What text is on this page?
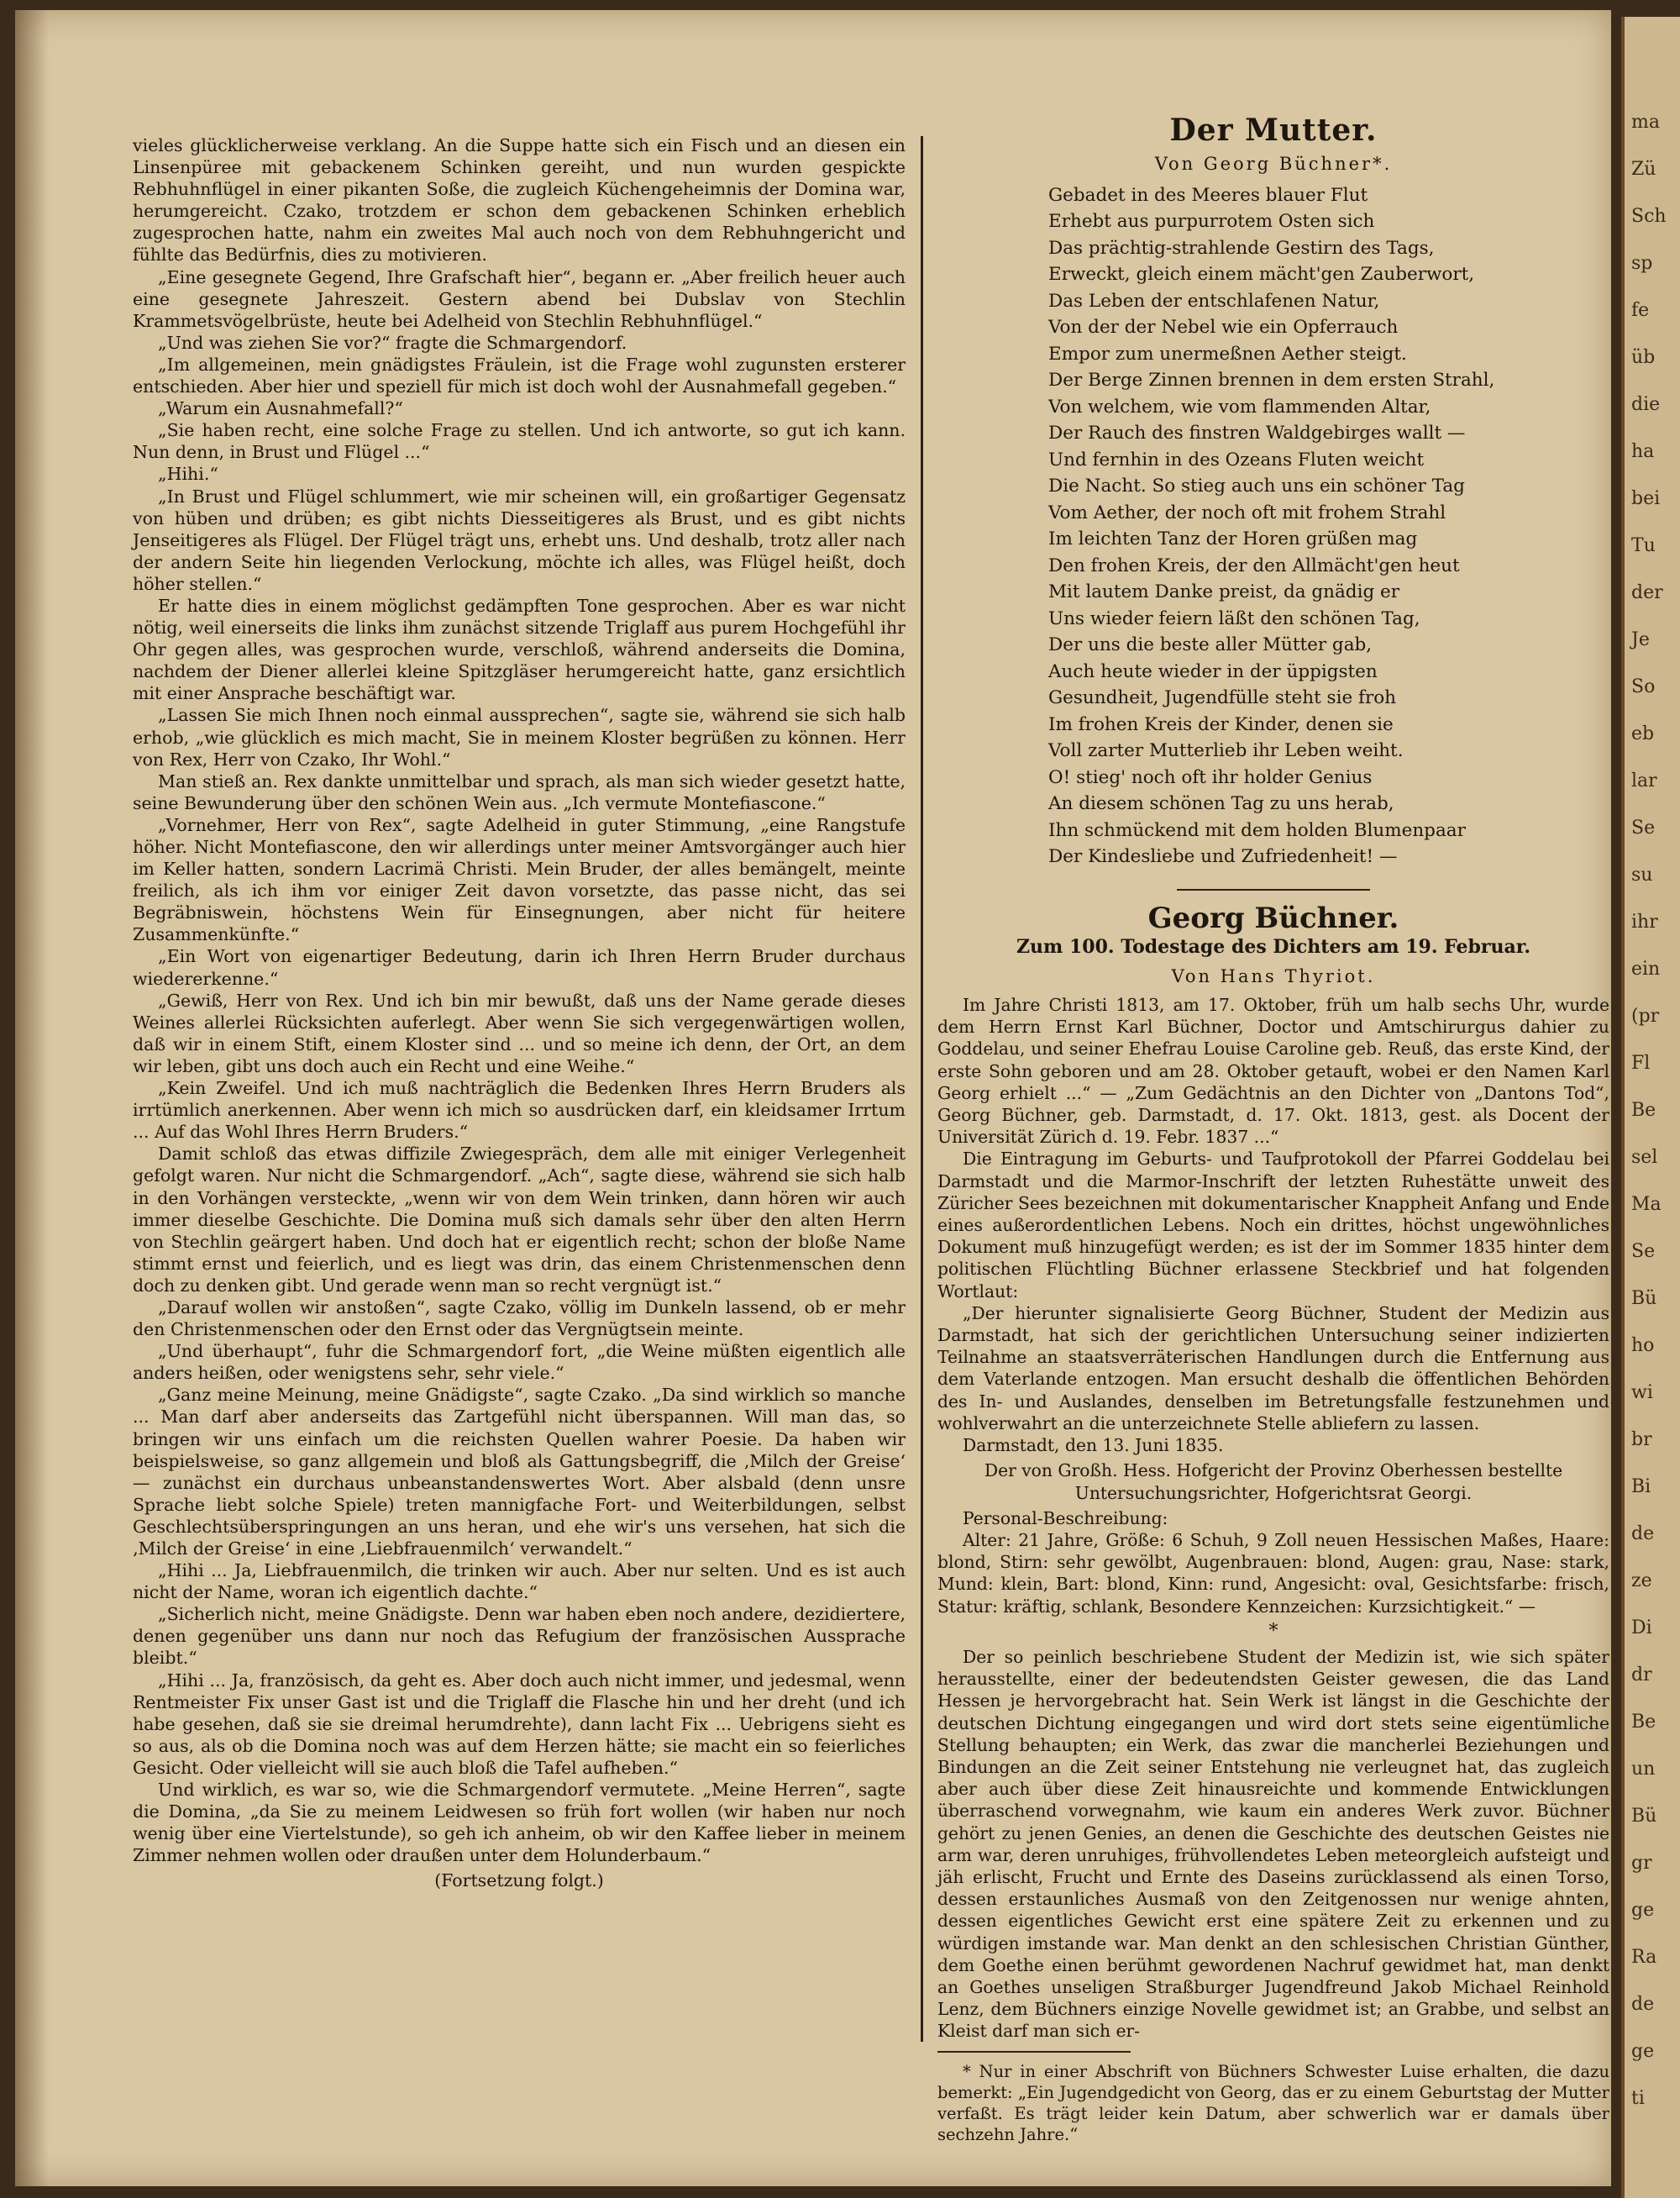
vieles glücklicherweise verklang. An die Suppe hatte sich ein Fisch und an diesen ein Linsenpüree mit gebackenem Schinken gereiht, und nun wurden gespickte Rebhuhnflügel in einer pikanten Soße, die zugleich Küchengeheimnis der Domina war, herumgereicht. Czako, trotzdem er schon dem gebackenen Schinken erheblich zugesprochen hatte, nahm ein zweites Mal auch noch von dem Rebhuhngericht und fühlte das Bedürfnis, dies zu motivieren.

„Eine gesegnete Gegend, Ihre Grafschaft hier“, begann er. „Aber freilich heuer auch eine gesegnete Jahreszeit. Gestern abend bei Dubslav von Stechlin Krammetsvögelbrüste, heute bei Adelheid von Stechlin Rebhuhnflügel.“

„Und was ziehen Sie vor?“ fragte die Schmargendorf.

„Im allgemeinen, mein gnädigstes Fräulein, ist die Frage wohl zugunsten ersterer entschieden. Aber hier und speziell für mich ist doch wohl der Ausnahmefall gegeben.“

„Warum ein Ausnahmefall?“

„Sie haben recht, eine solche Frage zu stellen. Und ich antworte, so gut ich kann. Nun denn, in Brust und Flügel ...“

„Hihi.“

„In Brust und Flügel schlummert, wie mir scheinen will, ein großartiger Gegensatz von hüben und drüben; es gibt nichts Diesseitigeres als Brust, und es gibt nichts Jenseitigeres als Flügel. Der Flügel trägt uns, erhebt uns. Und deshalb, trotz aller nach der andern Seite hin liegenden Verlockung, möchte ich alles, was Flügel heißt, doch höher stellen.“

Er hatte dies in einem möglichst gedämpften Tone gesprochen. Aber es war nicht nötig, weil einerseits die links ihm zunächst sitzende Triglaff aus purem Hochgefühl ihr Ohr gegen alles, was gesprochen wurde, verschloß, während anderseits die Domina, nachdem der Diener allerlei kleine Spitzgläser herumgereicht hatte, ganz ersichtlich mit einer Ansprache beschäftigt war.

„Lassen Sie mich Ihnen noch einmal aussprechen“, sagte sie, während sie sich halb erhob, „wie glücklich es mich macht, Sie in meinem Kloster begrüßen zu können. Herr von Rex, Herr von Czako, Ihr Wohl.“

Man stieß an. Rex dankte unmittelbar und sprach, als man sich wieder gesetzt hatte, seine Bewunderung über den schönen Wein aus. „Ich vermute Montefiascone.“

„Vornehmer, Herr von Rex“, sagte Adelheid in guter Stimmung, „eine Rangstufe höher. Nicht Montefiascone, den wir allerdings unter meiner Amtsvorgänger auch hier im Keller hatten, sondern Lacrimä Christi. Mein Bruder, der alles bemängelt, meinte freilich, als ich ihm vor einiger Zeit davon vorsetzte, das passe nicht, das sei Begräbniswein, höchstens Wein für Einsegnungen, aber nicht für heitere Zusammenkünfte.“

„Ein Wort von eigenartiger Bedeutung, darin ich Ihren Herrn Bruder durchaus wiedererkenne.“

„Gewiß, Herr von Rex. Und ich bin mir bewußt, daß uns der Name gerade dieses Weines allerlei Rücksichten auferlegt. Aber wenn Sie sich vergegenwärtigen wollen, daß wir in einem Stift, einem Kloster sind ... und so meine ich denn, der Ort, an dem wir leben, gibt uns doch auch ein Recht und eine Weihe.“

„Kein Zweifel. Und ich muß nachträglich die Bedenken Ihres Herrn Bruders als irrtümlich anerkennen. Aber wenn ich mich so ausdrücken darf, ein kleidsamer Irrtum ... Auf das Wohl Ihres Herrn Bruders.“

Damit schloß das etwas diffizile Zwiegespräch, dem alle mit einiger Verlegenheit gefolgt waren. Nur nicht die Schmargendorf. „Ach“, sagte diese, während sie sich halb in den Vorhängen versteckte, „wenn wir von dem Wein trinken, dann hören wir auch immer dieselbe Geschichte. Die Domina muß sich damals sehr über den alten Herrn von Stechlin geärgert haben. Und doch hat er eigentlich recht; schon der bloße Name stimmt ernst und feierlich, und es liegt was drin, das einem Christenmenschen denn doch zu denken gibt. Und gerade wenn man so recht vergnügt ist.“

„Darauf wollen wir anstoßen“, sagte Czako, völlig im Dunkeln lassend, ob er mehr den Christenmenschen oder den Ernst oder das Vergnügtsein meinte.

„Und überhaupt“, fuhr die Schmargendorf fort, „die Weine müßten eigentlich alle anders heißen, oder wenigstens sehr, sehr viele.“

„Ganz meine Meinung, meine Gnädigste“, sagte Czako. „Da sind wirklich so manche ... Man darf aber anderseits das Zartgefühl nicht überspannen. Will man das, so bringen wir uns einfach um die reichsten Quellen wahrer Poesie. Da haben wir beispielsweise, so ganz allgemein und bloß als Gattungsbegriff, die ‚Milch der Greise‘ — zunächst ein durchaus unbeanstandenswertes Wort. Aber alsbald (denn unsre Sprache liebt solche Spiele) treten mannigfache Fort- und Weiterbildungen, selbst Geschlechtsüberspringungen an uns heran, und ehe wir's uns versehen, hat sich die ‚Milch der Greise‘ in eine ‚Liebfrauenmilch‘ verwandelt.“

„Hihi ... Ja, Liebfrauenmilch, die trinken wir auch. Aber nur selten. Und es ist auch nicht der Name, woran ich eigentlich dachte.“

„Sicherlich nicht, meine Gnädigste. Denn war haben eben noch andere, dezidiertere, denen gegenüber uns dann nur noch das Refugium der französischen Aussprache bleibt.“

„Hihi ... Ja, französisch, da geht es. Aber doch auch nicht immer, und jedesmal, wenn Rentmeister Fix unser Gast ist und die Triglaff die Flasche hin und her dreht (und ich habe gesehen, daß sie sie dreimal herumdrehte), dann lacht Fix ... Uebrigens sieht es so aus, als ob die Domina noch was auf dem Herzen hätte; sie macht ein so feierliches Gesicht. Oder vielleicht will sie auch bloß die Tafel aufheben.“

Und wirklich, es war so, wie die Schmargendorf vermutete. „Meine Herren“, sagte die Domina, „da Sie zu meinem Leidwesen so früh fort wollen (wir haben nur noch wenig über eine Viertelstunde), so geh ich anheim, ob wir den Kaffee lieber in meinem Zimmer nehmen wollen oder draußen unter dem Holunderbaum.“

(Fortsetzung folgt.)
Der Mutter.
Von Georg Büchner*.
Gebadet in des Meeres blauer Flut
Erhebt aus purpurrotem Osten sich
Das prächtig-strahlende Gestirn des Tags,
Erweckt, gleich einem mächt'gen Zauberwort,
Das Leben der entschlafenen Natur,
Von der der Nebel wie ein Opferrauch
Empor zum unermeßnen Aether steigt.
Der Berge Zinnen brennen in dem ersten Strahl,
Von welchem, wie vom flammenden Altar,
Der Rauch des finstren Waldgebirges wallt —
Und fernhin in des Ozeans Fluten weicht
Die Nacht. So stieg auch uns ein schöner Tag
Vom Aether, der noch oft mit frohem Strahl
Im leichten Tanz der Horen grüßen mag
Den frohen Kreis, der den Allmächt'gen heut
Mit lautem Danke preist, da gnädig er
Uns wieder feiern läßt den schönen Tag,
Der uns die beste aller Mütter gab,
Auch heute wieder in der üppigsten
Gesundheit, Jugendfülle steht sie froh
Im frohen Kreis der Kinder, denen sie
Voll zarter Mutterlieb ihr Leben weiht.
O! stieg' noch oft ihr holder Genius
An diesem schönen Tag zu uns herab,
Ihn schmückend mit dem holden Blumenpaar
Der Kindesliebe und Zufriedenheit! —
Georg Büchner.
Zum 100. Todestage des Dichters am 19. Februar.
Von Hans Thyriot.

Im Jahre Christi 1813, am 17. Oktober, früh um halb sechs Uhr, wurde dem Herrn Ernst Karl Büchner, Doctor und Amtschirurgus dahier zu Goddelau, und seiner Ehefrau Louise Caroline geb. Reuß, das erste Kind, der erste Sohn geboren und am 28. Oktober getauft, wobei er den Namen Karl Georg erhielt ...“ — „Zum Gedächtnis an den Dichter von „Dantons Tod“, Georg Büchner, geb. Darmstadt, d. 17. Okt. 1813, gest. als Docent der Universität Zürich d. 19. Febr. 1837 ...“

Die Eintragung im Geburts- und Taufprotokoll der Pfarrei Goddelau bei Darmstadt und die Marmor-Inschrift der letzten Ruhestätte unweit des Züricher Sees bezeichnen mit dokumentarischer Knappheit Anfang und Ende eines außerordentlichen Lebens. Noch ein drittes, höchst ungewöhnliches Dokument muß hinzugefügt werden; es ist der im Sommer 1835 hinter dem politischen Flüchtling Büchner erlassene Steckbrief und hat folgenden Wortlaut:

„Der hierunter signalisierte Georg Büchner, Student der Medizin aus Darmstadt, hat sich der gerichtlichen Untersuchung seiner indizierten Teilnahme an staatsverräterischen Handlungen durch die Entfernung aus dem Vaterlande entzogen. Man ersucht deshalb die öffentlichen Behörden des In- und Auslandes, denselben im Betretungsfalle festzunehmen und wohlverwahrt an die unterzeichnete Stelle abliefern zu lassen.

Darmstadt, den 13. Juni 1835.

Der von Großh. Hess. Hofgericht der Provinz Oberhessen bestellte Untersuchungsrichter, Hofgerichtsrat Georgi.

Personal-Beschreibung:

Alter: 21 Jahre, Größe: 6 Schuh, 9 Zoll neuen Hessischen Maßes, Haare: blond, Stirn: sehr gewölbt, Augenbrauen: blond, Augen: grau, Nase: stark, Mund: klein, Bart: blond, Kinn: rund, Angesicht: oval, Gesichtsfarbe: frisch, Statur: kräftig, schlank, Besondere Kennzeichen: Kurzsichtigkeit.“ —

*

Der so peinlich beschriebene Student der Medizin ist, wie sich später herausstellte, einer der bedeutendsten Geister gewesen, die das Land Hessen je hervorgebracht hat. Sein Werk ist längst in die Geschichte der deutschen Dichtung eingegangen und wird dort stets seine eigentümliche Stellung behaupten; ein Werk, das zwar die mancherlei Beziehungen und Bindungen an die Zeit seiner Entstehung nie verleugnet hat, das zugleich aber auch über diese Zeit hinausreichte und kommende Entwicklungen überraschend vorwegnahm, wie kaum ein anderes Werk zuvor. Büchner gehört zu jenen Genies, an denen die Geschichte des deutschen Geistes nie arm war, deren unruhiges, frühvollendetes Leben meteorgleich aufsteigt und jäh erlischt, Frucht und Ernte des Daseins zurücklassend als einen Torso, dessen erstaunliches Ausmaß von den Zeitgenossen nur wenige ahnten, dessen eigentliches Gewicht erst eine spätere Zeit zu erkennen und zu würdigen imstande war. Man denkt an den schlesischen Christian Günther, dem Goethe einen berühmt gewordenen Nachruf gewidmet hat, man denkt an Goethes unseligen Straßburger Jugendfreund Jakob Michael Reinhold Lenz, dem Büchners einzige Novelle gewidmet ist; an Grabbe, und selbst an Kleist darf man sich er-

* Nur in einer Abschrift von Büchners Schwester Luise erhalten, die dazu bemerkt: „Ein Jugendgedicht von Georg, das er zu einem Geburtstag der Mutter verfaßt. Es trägt leider kein Datum, aber schwerlich war er damals über sechzehn Jahre.“

ma
Zü
Sch
sp
fe
üb
die
ha
bei
Tu
der
Je
So
eb
lar
Se
su
ihr
ein
(pr
Fl
Be
sel
Ma
Se
Bü
ho
wi
br
Bi
de
ze
Di
dr
Be
un
Bü
gr
ge
Ra
de
ge
ti
